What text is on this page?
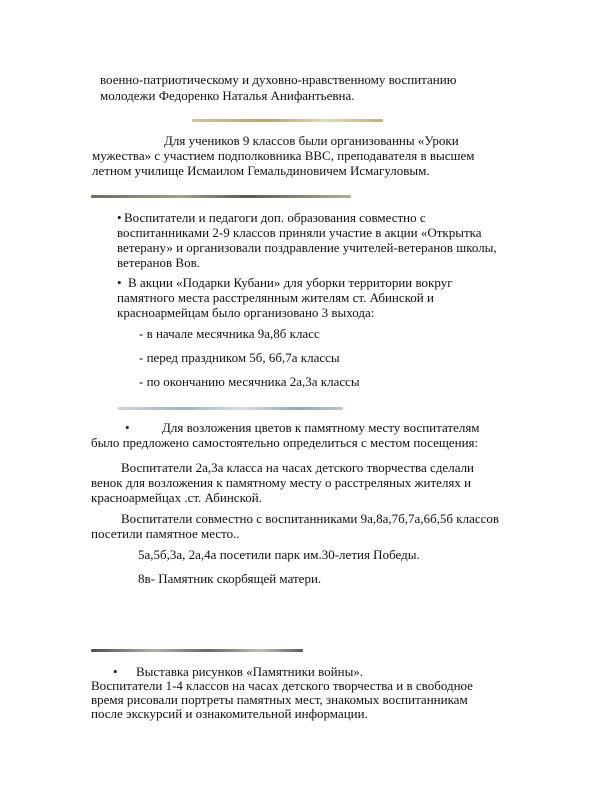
военно-патриотическому и духовно-нравственному воспитанию

молодежи Федоренко Наталья Анифантьевна.

Для учеников 9 классов были организованны «Уроки

мужества» с участием подполковника ВВС, преподавателя в высшем

летном училище Исмаилом Гемальдиновичем Исмагуловым.

• Воспитатели и педагоги доп. образования совместно с

воспитанниками 2-9 классов приняли участие в акции «Открытка

ветерану» и организовали поздравление учителей-ветеранов школы,

ветеранов Вов.

• В акции «Подарки Кубани» для уборки территории вокруг

памятного места расстрелянным жителям ст. Абинской и

красноармейцам было организовано 3 выхода:

- в начале месячника 9а,8б класс

- перед праздником 5б, 6б,7а классы

- по окончанию месячника 2а,3а классы

• Для возложения цветов к памятному месту воспитателям

было предложено самостоятельно определиться с местом посещения:

Воспитатели 2а,3а класса на часах детского творчества сделали

венок для возложения к памятному месту о расстреляных жителях и

красноармейцах .ст. Абинской.

Воспитатели совместно с воспитанниками 9а,8а,7б,7а,6б,5б классов

посетили памятное место..

5а,5б,3а, 2а,4а посетили парк им.30-летия Победы.

8в- Памятник скорбящей матери.

• Выставка рисунков «Памятники войны».

Воспитатели 1-4 классов на часах детского творчества и в свободное

время рисовали портреты памятных мест, знакомых воспитанникам

после экскурсий и ознакомительной информации.
